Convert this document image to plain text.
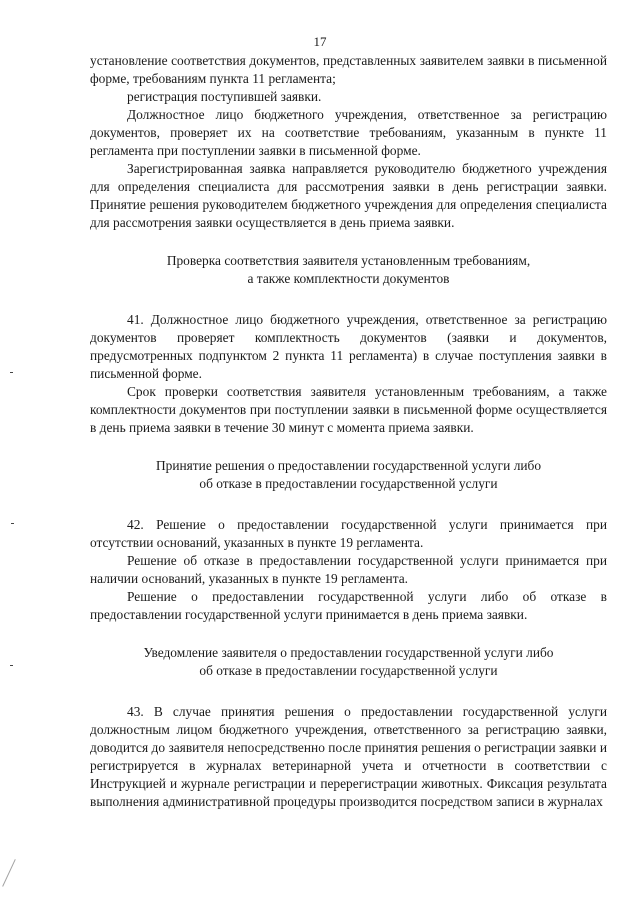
17

установление соответствия документов, представленных заявителем заявки в письменной форме, требованиям пункта 11 регламента;

регистрация поступившей заявки.

Должностное лицо бюджетного учреждения, ответственное за регистрацию документов, проверяет их на соответствие требованиям, указанным в пункте 11 регламента при поступлении заявки в письменной форме.

Зарегистрированная заявка направляется руководителю бюджетного учреждения для определения специалиста для рассмотрения заявки в день регистрации заявки. Принятие решения руководителем бюджетного учреждения для определения специалиста для рассмотрения заявки осуществляется в день приема заявки.

Проверка соответствия заявителя установленным требованиям,
а также комплектности документов

41. Должностное лицо бюджетного учреждения, ответственное за регистрацию документов проверяет комплектность документов (заявки и документов, предусмотренных подпунктом 2 пункта 11 регламента) в случае поступления заявки в письменной форме.

Срок проверки соответствия заявителя установленным требованиям, а также комплектности документов при поступлении заявки в письменной форме осуществляется в день приема заявки в течение 30 минут с момента приема заявки.

Принятие решения о предоставлении государственной услуги либо
об отказе в предоставлении государственной услуги

42. Решение о предоставлении государственной услуги принимается при отсутствии оснований, указанных в пункте 19 регламента.

Решение об отказе в предоставлении государственной услуги принимается при наличии оснований, указанных в пункте 19 регламента.

Решение о предоставлении государственной услуги либо об отказе в предоставлении государственной услуги принимается в день приема заявки.

Уведомление заявителя о предоставлении государственной услуги либо
об отказе в предоставлении государственной услуги

43. В случае принятия решения о предоставлении государственной услуги должностным лицом бюджетного учреждения, ответственного за регистрацию заявки, доводится до заявителя непосредственно после принятия решения о регистрации заявки и регистрируется в журналах ветеринарной учета и отчетности в соответствии с Инструкцией и журнале регистрации и перерегистрации животных. Фиксация результата выполнения административной процедуры производится посредством записи в журналах
